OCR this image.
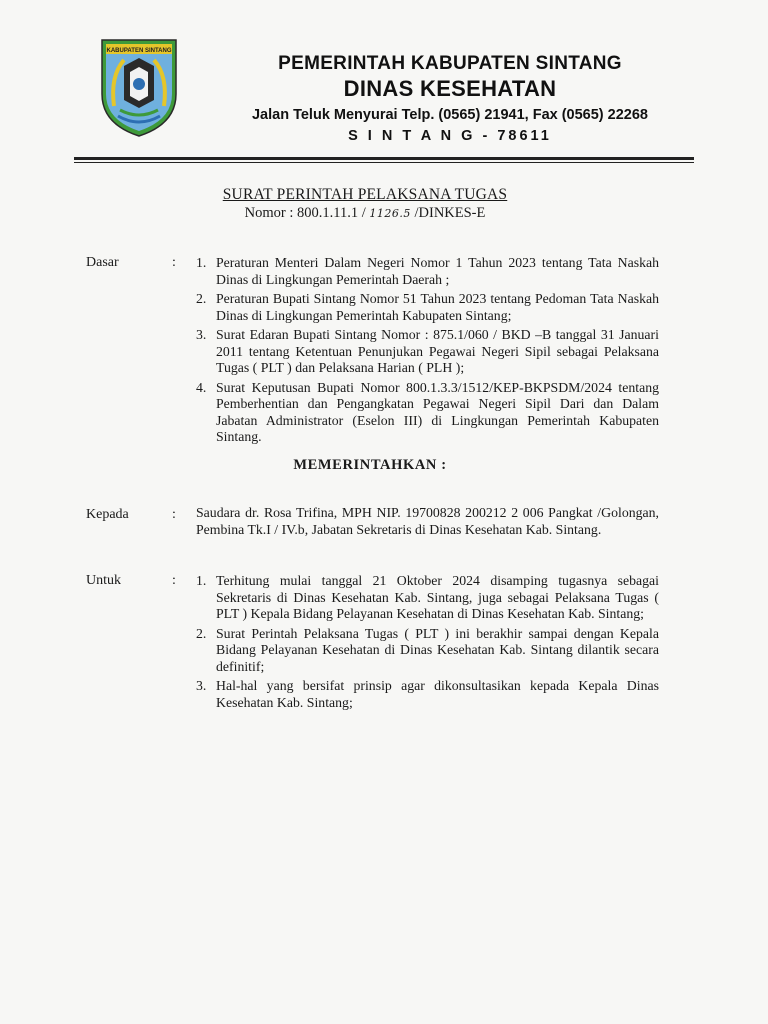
KABUPATEN SINTANG
PEMERINTAH KABUPATEN SINTANG
DINAS KESEHATAN
Jalan Teluk Menyurai Telp. (0565) 21941, Fax (0565) 22268
S I N T A N G - 78611
SURAT PERINTAH PELAKSANA TUGAS
Nomor : 800.1.11.1 / 1126.5 /DINKES-E
Dasar	: 1. Peraturan Menteri Dalam Negeri Nomor 1 Tahun 2023 tentang Tata Naskah Dinas di Lingkungan Pemerintah Daerah ;
2. Peraturan Bupati Sintang Nomor 51 Tahun 2023 tentang Pedoman Tata Naskah Dinas di Lingkungan Pemerintah Kabupaten Sintang;
3. Surat Edaran Bupati Sintang Nomor : 875.1/060 / BKD –B tanggal 31 Januari 2011 tentang Ketentuan Penunjukan Pegawai Negeri Sipil sebagai Pelaksana Tugas ( PLT ) dan Pelaksana Harian ( PLH );
4. Surat Keputusan Bupati Nomor 800.1.3.3/1512/KEP-BKPSDM/2024 tentang Pemberhentian dan Pengangkatan Pegawai Negeri Sipil Dari dan Dalam Jabatan Administrator (Eselon III) di Lingkungan Pemerintah Kabupaten Sintang.
MEMERINTAHKAN :
Kepada	: Saudara dr. Rosa Trifina, MPH NIP. 19700828 200212 2 006 Pangkat /Golongan, Pembina Tk.I / IV.b, Jabatan Sekretaris di Dinas Kesehatan Kab. Sintang.
Untuk	: 1. Terhitung mulai tanggal 21 Oktober 2024 disamping tugasnya sebagai Sekretaris di Dinas Kesehatan Kab. Sintang, juga sebagai Pelaksana Tugas ( PLT ) Kepala Bidang Pelayanan Kesehatan di Dinas Kesehatan Kab. Sintang;
2. Surat Perintah Pelaksana Tugas ( PLT ) ini berakhir sampai dengan Kepala Bidang Pelayanan Kesehatan di Dinas Kesehatan Kab. Sintang dilantik secara definitif;
3. Hal-hal yang bersifat prinsip agar dikonsultasikan kepada Kepala Dinas Kesehatan Kab. Sintang;
